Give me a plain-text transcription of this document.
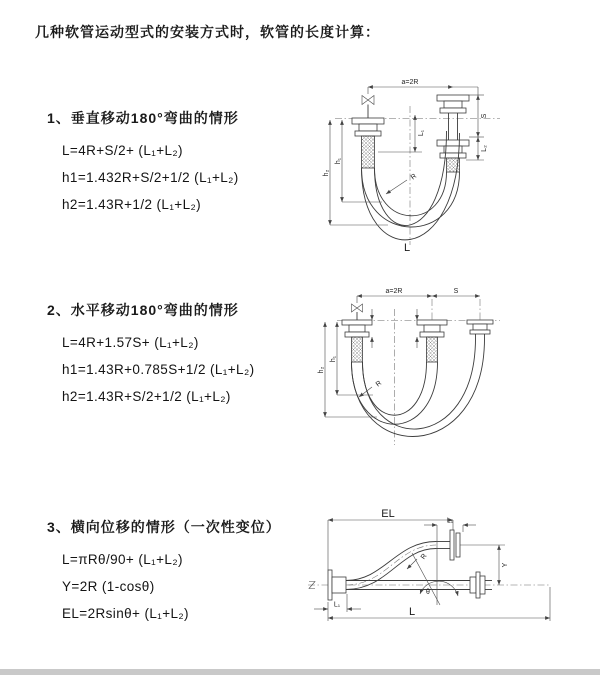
几种软管运动型式的安装方式时，软管的长度计算：
1、垂直移动180°弯曲的情形
L=4R+S/2+ (L₁+L₂)
h1=1.432R+S/2+1/2 (L₁+L₂)
h2=1.43R+1/2 (L₁+L₂)
2、水平移动180°弯曲的情形
L=4R+1.57S+ (L₁+L₂)
h1=1.43R+0.785S+1/2 (L₁+L₂)
h2=1.43R+S/2+1/2 (L₁+L₂)
3、横向位移的情形（一次性变位）
L=πRθ/90+ (L₁+L₂)
Y=2R (1-cosθ)
EL=2Rsinθ+ (L₁+L₂)
a=2R
S
L₂
h₂
h₁
L₁
R
L
a=2R	S
h₂
h₁
R
EL
L₁
Y
R
θ
L
L₁
